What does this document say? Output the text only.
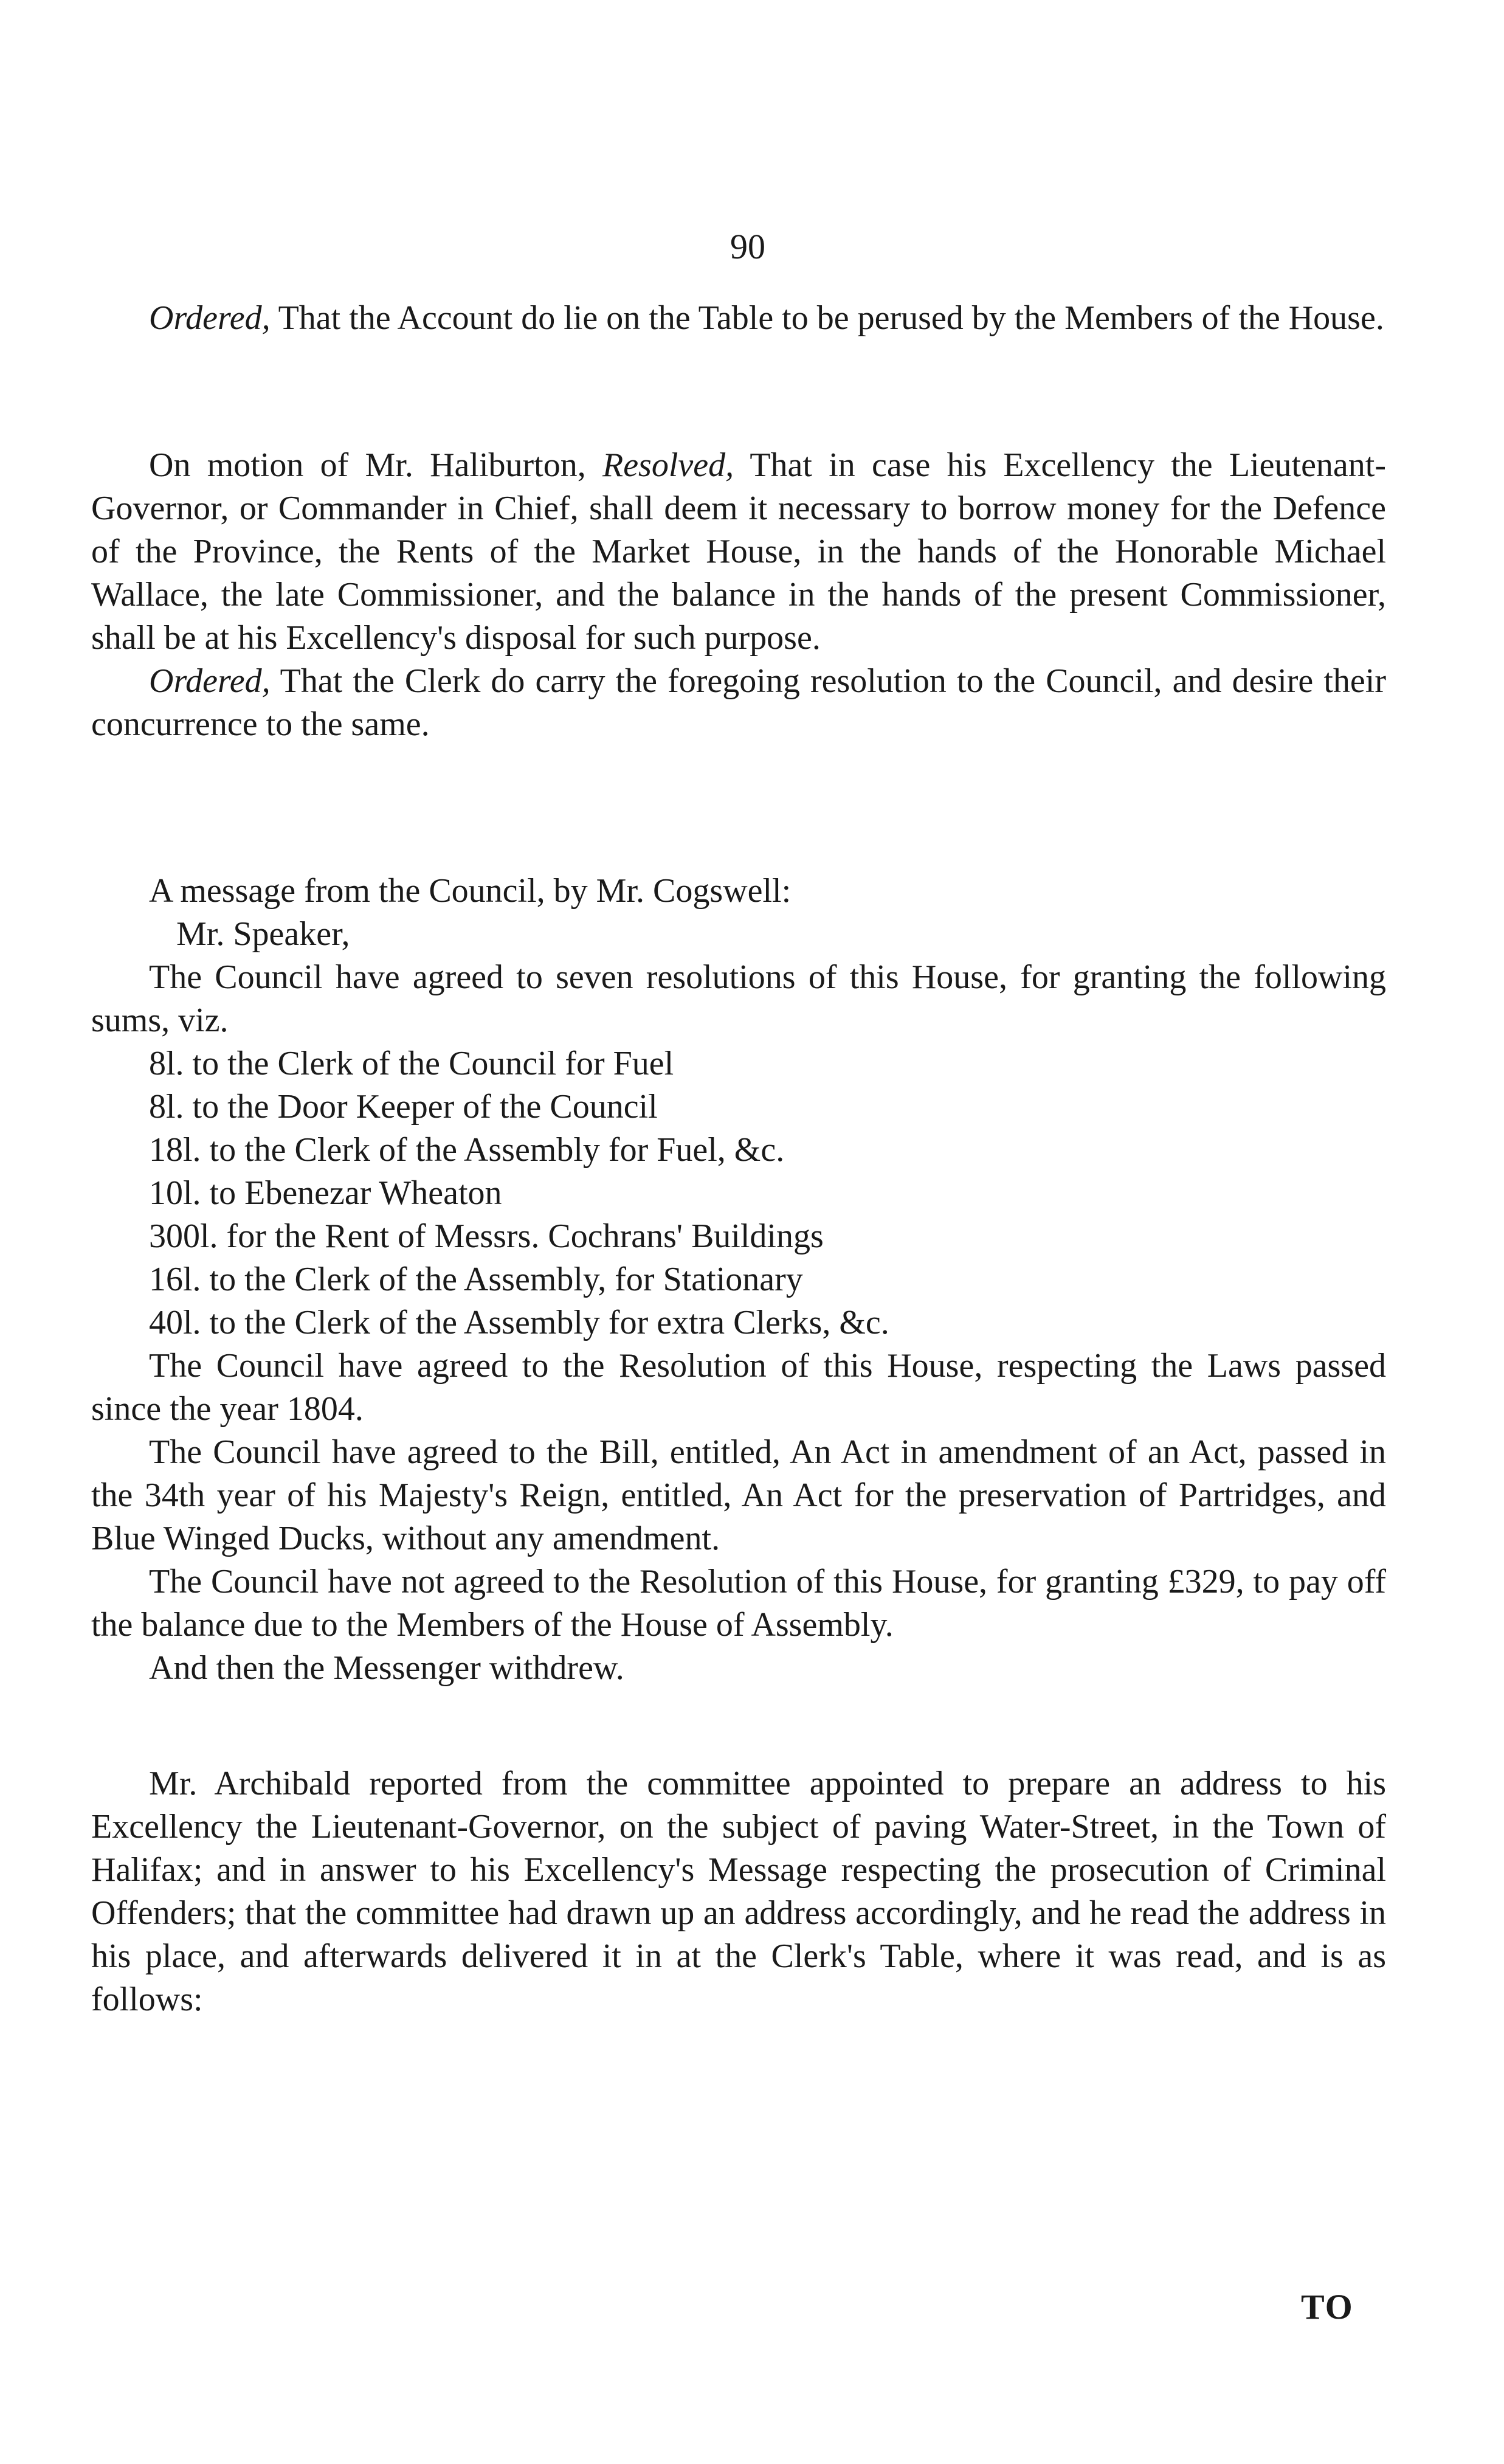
90

Ordered, That the Account do lie on the Table to be perused by the Members of the House.

On motion of Mr. Haliburton, Resolved, That in case his Excellency the Lieutenant-Governor, or Commander in Chief, shall deem it necessary to borrow money for the Defence of the Province, the Rents of the Market House, in the hands of the Honorable Michael Wallace, the late Commissioner, and the balance in the hands of the present Commissioner, shall be at his Excellency's disposal for such purpose.

Ordered, That the Clerk do carry the foregoing resolution to the Council, and desire their concurrence to the same.

A message from the Council, by Mr. Cogswell:

Mr. Speaker,

The Council have agreed to seven resolutions of this House, for granting the following sums, viz.

8l. to the Clerk of the Council for Fuel

8l. to the Door Keeper of the Council

18l. to the Clerk of the Assembly for Fuel, &c.

10l. to Ebenezar Wheaton

300l. for the Rent of Messrs. Cochrans' Buildings

16l. to the Clerk of the Assembly, for Stationary

40l. to the Clerk of the Assembly for extra Clerks, &c.

The Council have agreed to the Resolution of this House, respecting the Laws passed since the year 1804.

The Council have agreed to the Bill, entitled, An Act in amendment of an Act, passed in the 34th year of his Majesty's Reign, entitled, An Act for the preservation of Partridges, and Blue Winged Ducks, without any amendment.

The Council have not agreed to the Resolution of this House, for granting £329, to pay off the balance due to the Members of the House of Assembly.

And then the Messenger withdrew.

Mr. Archibald reported from the committee appointed to prepare an address to his Excellency the Lieutenant-Governor, on the subject of paving Water-Street, in the Town of Halifax; and in answer to his Excellency's Message respecting the prosecution of Criminal Offenders; that the committee had drawn up an address accordingly, and he read the address in his place, and afterwards delivered it in at the Clerk's Table, where it was read, and is as follows:

TO
